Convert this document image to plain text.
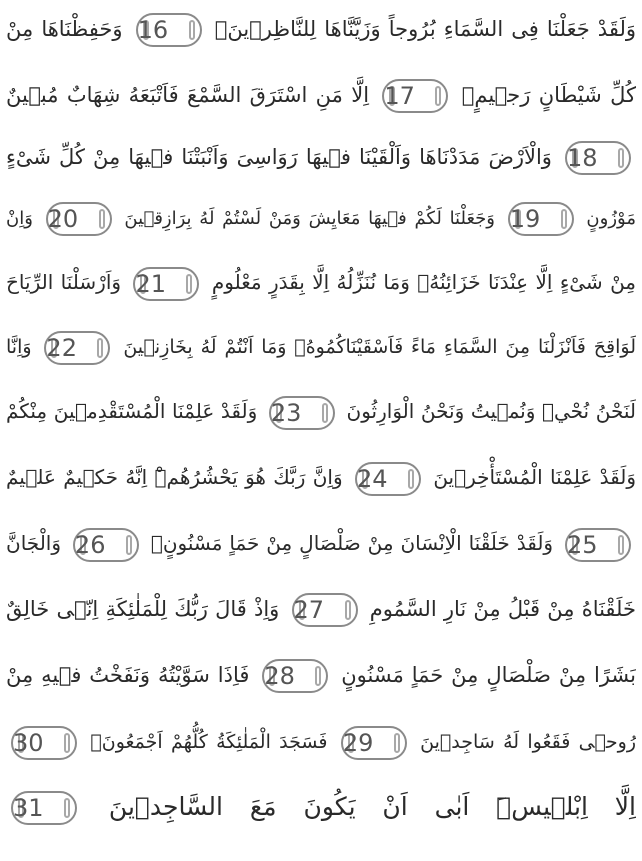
وَلَقَدْ جَعَلْنَا فِى السَّمَاءِ بُرُوجاً وَزَيَّنَّاهَا لِلنَّاظِرٖينَۙ 16 وَحَفِظْنَاهَا مِنْ
كُلِّ شَيْطَانٍ رَجٖيمٍۙ 17 اِلَّا مَنِ اسْتَرَقَ السَّمْعَ فَاَتْبَعَهُ شِهَابٌ مُبٖينٌ
18 وَالْاَرْضَ مَدَدْنَاهَا وَاَلْقَيْنَا فٖيهَا رَوَاسِىَ وَاَنْبَتْنَا فٖيهَا مِنْ كُلِّ شَىْءٍ
مَوْزُونٍ 19 وَجَعَلْنَا لَكُمْ فٖيهَا مَعَايِشَ وَمَنْ لَسْتُمْ لَهُ بِرَازِقٖينَ 20 وَاِنْ
مِنْ شَىْءٍ اِلَّا عِنْدَنَا خَزَائِنُهُۘ وَمَا نُنَزِّلُهُ اِلَّا بِقَدَرٍ مَعْلُومٍ 21 وَاَرْسَلْنَا الرِّيَاحَ
لَوَاقِحَ فَاَنْزَلْنَا مِنَ السَّمَاءِ مَاءً فَاَسْقَيْنَاكُمُوهُۚ وَمَا اَنْتُمْ لَهُ بِخَازِنٖينَ 22 وَاِنَّا
لَنَحْنُ نُحْيٖ وَنُمٖيتُ وَنَحْنُ الْوَارِثُونَ 23 وَلَقَدْ عَلِمْنَا الْمُسْتَقْدِمٖينَ مِنْكُمْ
وَلَقَدْ عَلِمْنَا الْمُسْتَأْخِرٖينَ 24 وَاِنَّ رَبَّكَ هُوَ يَحْشُرُهُمْۜ اِنَّهُ حَكٖيمٌ عَلٖيمٌ
25 وَلَقَدْ خَلَقْنَا الْاِنْسَانَ مِنْ صَلْصَالٍ مِنْ حَمَاٍ مَسْنُونٍۚ 26 وَالْجَانَّ
خَلَقْنَاهُ مِنْ قَبْلُ مِنْ نَارِ السَّمُومِ 27 وَاِذْ قَالَ رَبُّكَ لِلْمَلٰئِكَةِ اِنّٖى خَالِقٌ
بَشَرًا مِنْ صَلْصَالٍ مِنْ حَمَاٍ مَسْنُونٍ 28 فَاِذَا سَوَّيْتُهُ وَنَفَخْتُ فٖيهِ مِنْ
رُوحٖى فَقَعُوا لَهُ سَاجِدٖينَ 29 فَسَجَدَ الْمَلٰئِكَةُ كُلُّهُمْ اَجْمَعُونَۙ 30
اِلَّا اِبْلٖيسَۜ اَبٰى اَنْ يَكُونَ مَعَ السَّاجِدٖينَ 31
